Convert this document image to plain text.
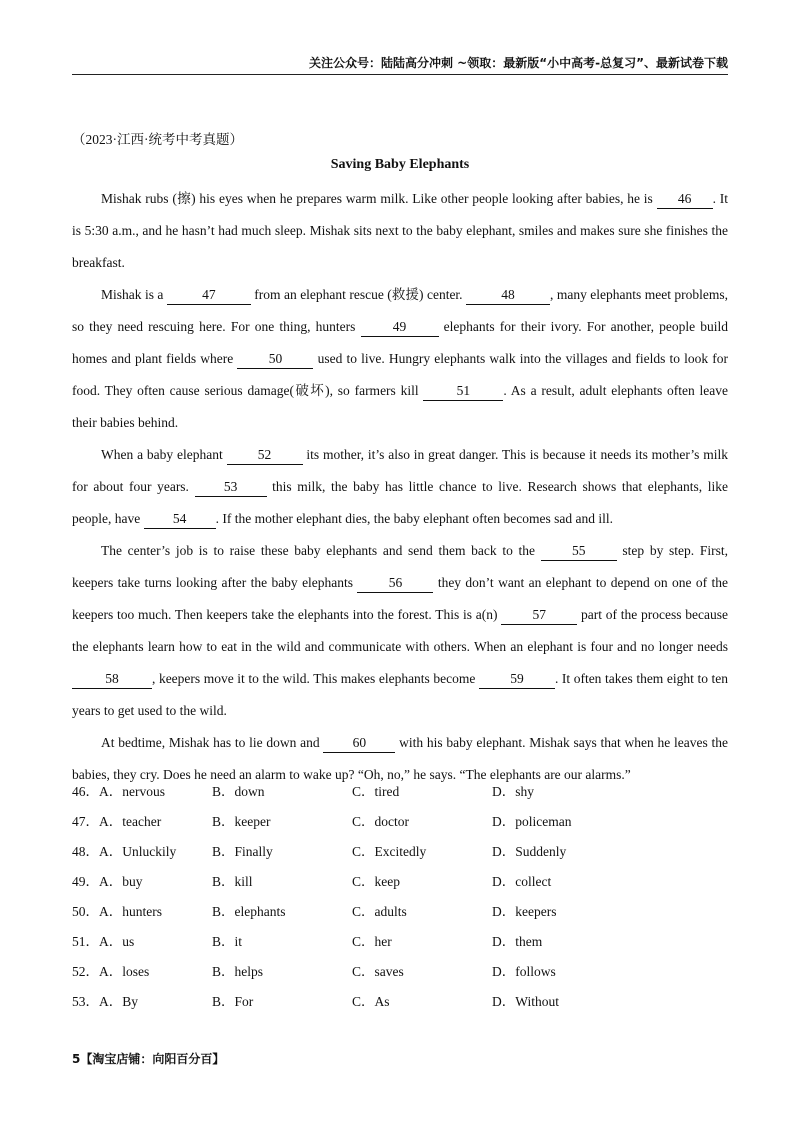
关注公众号：陆陆高分冲刺 ~领取：最新版“小中高考-总复习”、最新试卷下载
（2023·江西·统考中考真题）
Saving Baby Elephants

Mishak rubs (擦) his eyes when he prepares warm milk. Like other people looking after babies, he is 46 . It is 5:30 a.m., and he hasn’t had much sleep. Mishak sits next to the baby elephant, smiles and makes sure she finishes the breakfast.

Mishak is a	47	from an elephant rescue (救援) center.	48	, many elephants meet problems, so they need rescuing here. For one thing, hunters 49 elephants for their ivory. For another, people build homes and plant fields where 50 used to live. Hungry elephants walk into the villages and fields to look for food. They often cause serious damage(破坏), so farmers kill 51 . As a result, adult elephants often leave their babies behind.

When a baby elephant 52 its mother, it’s also in great danger. This is because it needs its mother’s milk for about four years. 53 this milk, the baby has little chance to live. Research shows that elephants, like people, have 54 . If the mother elephant dies, the baby elephant often becomes sad and ill.

The center’s job is to raise these baby elephants and send them back to the 55 step by step. First, keepers take turns looking after the baby elephants 56 they don’t want an elephant to depend on one of the keepers too much. Then keepers take the elephants into the forest. This is a(n) 57 part of the process because the elephants learn how to eat in the wild and communicate with others. When an elephant is four and no longer needs 58 , keepers move it to the wild. This makes elephants become 59 . It often takes them eight to ten years to get used to the wild.

At bedtime, Mishak has to lie down and 60 with his baby elephant. Mishak says that when he leaves the babies, they cry. Does he need an alarm to wake up? “Oh, no,” he says. “The elephants are our alarms.”

46．A．nervous	B．down	C．tired	D．shy
47．A．teacher	B．keeper	C．doctor	D．policeman
48．A．Unluckily	B．Finally	C．Excitedly	D．Suddenly
49．A．buy	B．kill	C．keep	D．collect
50．A．hunters	B．elephants	C．adults	D．keepers
51．A．us	B．it	C．her	D．them
52．A．loses	B．helps	C．saves	D．follows
53．A．By	B．For	C．As	D．Without
5【淘宝店铺：向阳百分百】
